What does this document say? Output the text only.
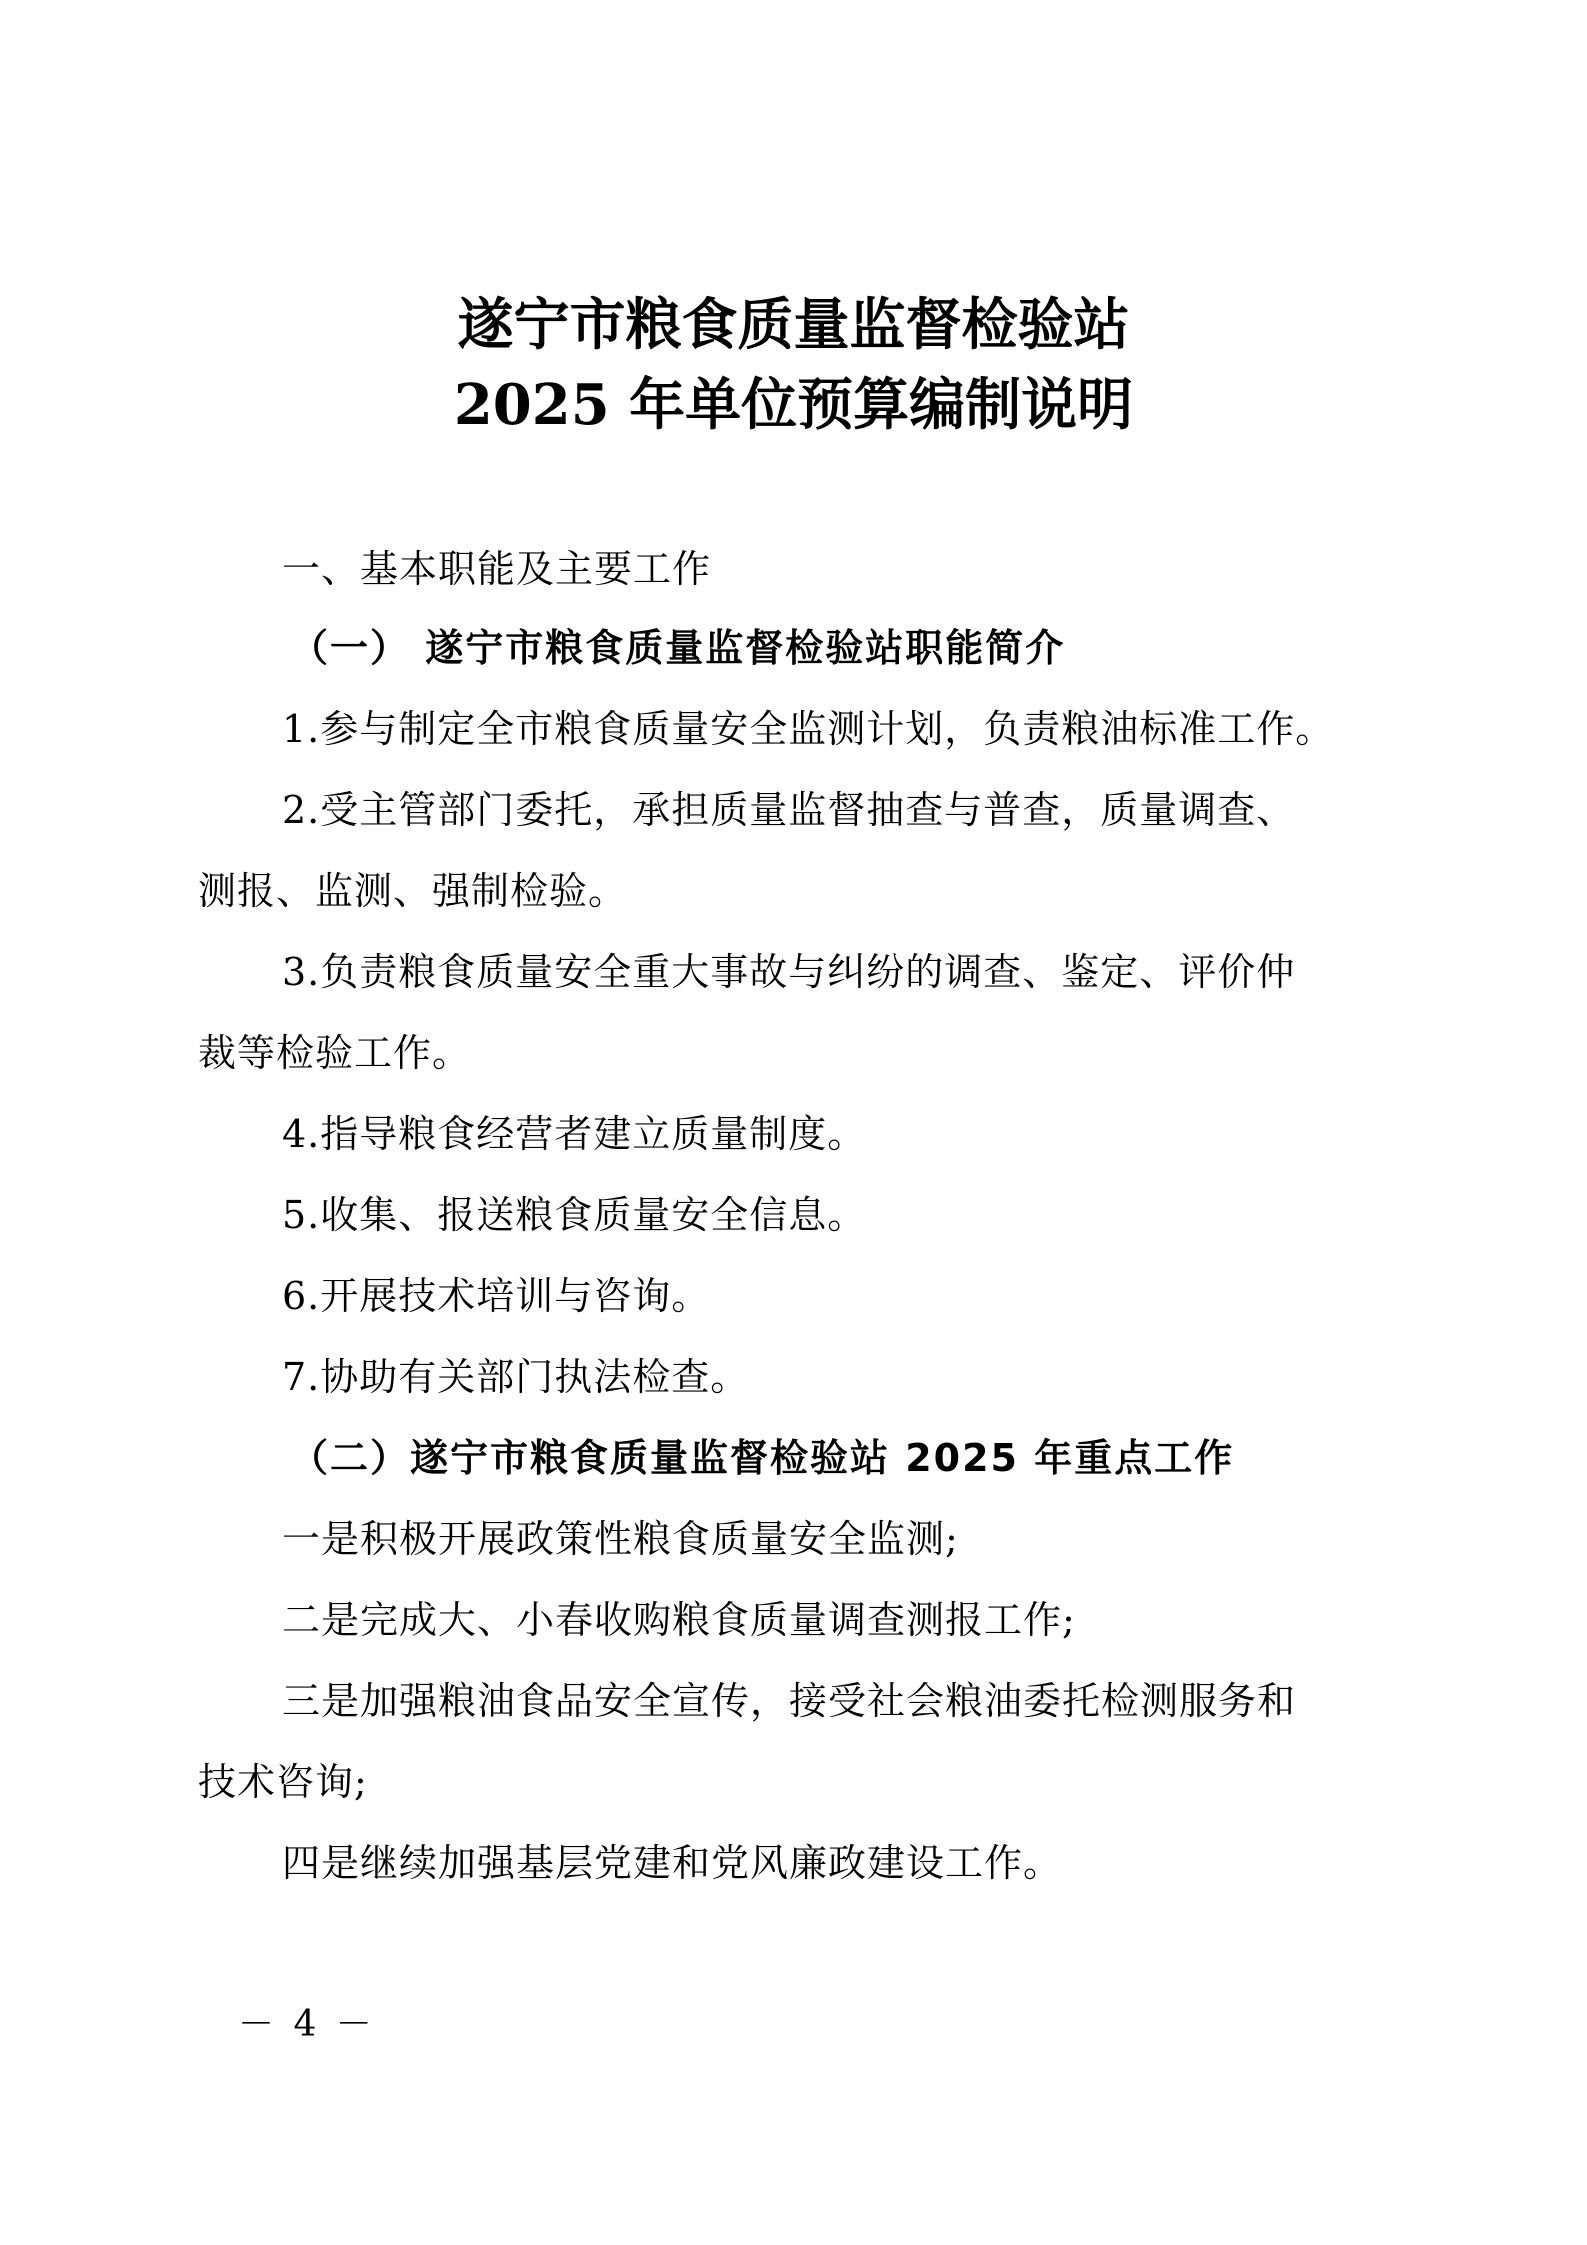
遂宁市粮食质量监督检验站
2025 年单位预算编制说明
一、基本职能及主要工作
（一） 遂宁市粮食质量监督检验站职能简介
1.参与制定全市粮食质量安全监测计划，负责粮油标准工作。
2.受主管部门委托，承担质量监督抽查与普查，质量调查、
测报、监测、强制检验。
3.负责粮食质量安全重大事故与纠纷的调查、鉴定、评价仲
裁等检验工作。
4.指导粮食经营者建立质量制度。
5.收集、报送粮食质量安全信息。
6.开展技术培训与咨询。
7.协助有关部门执法检查。
（二）遂宁市粮食质量监督检验站 2025 年重点工作
一是积极开展政策性粮食质量安全监测;
二是完成大、小春收购粮食质量调查测报工作;
三是加强粮油食品安全宣传，接受社会粮油委托检测服务和
技术咨询;
四是继续加强基层党建和党风廉政建设工作。
－ 4 －
